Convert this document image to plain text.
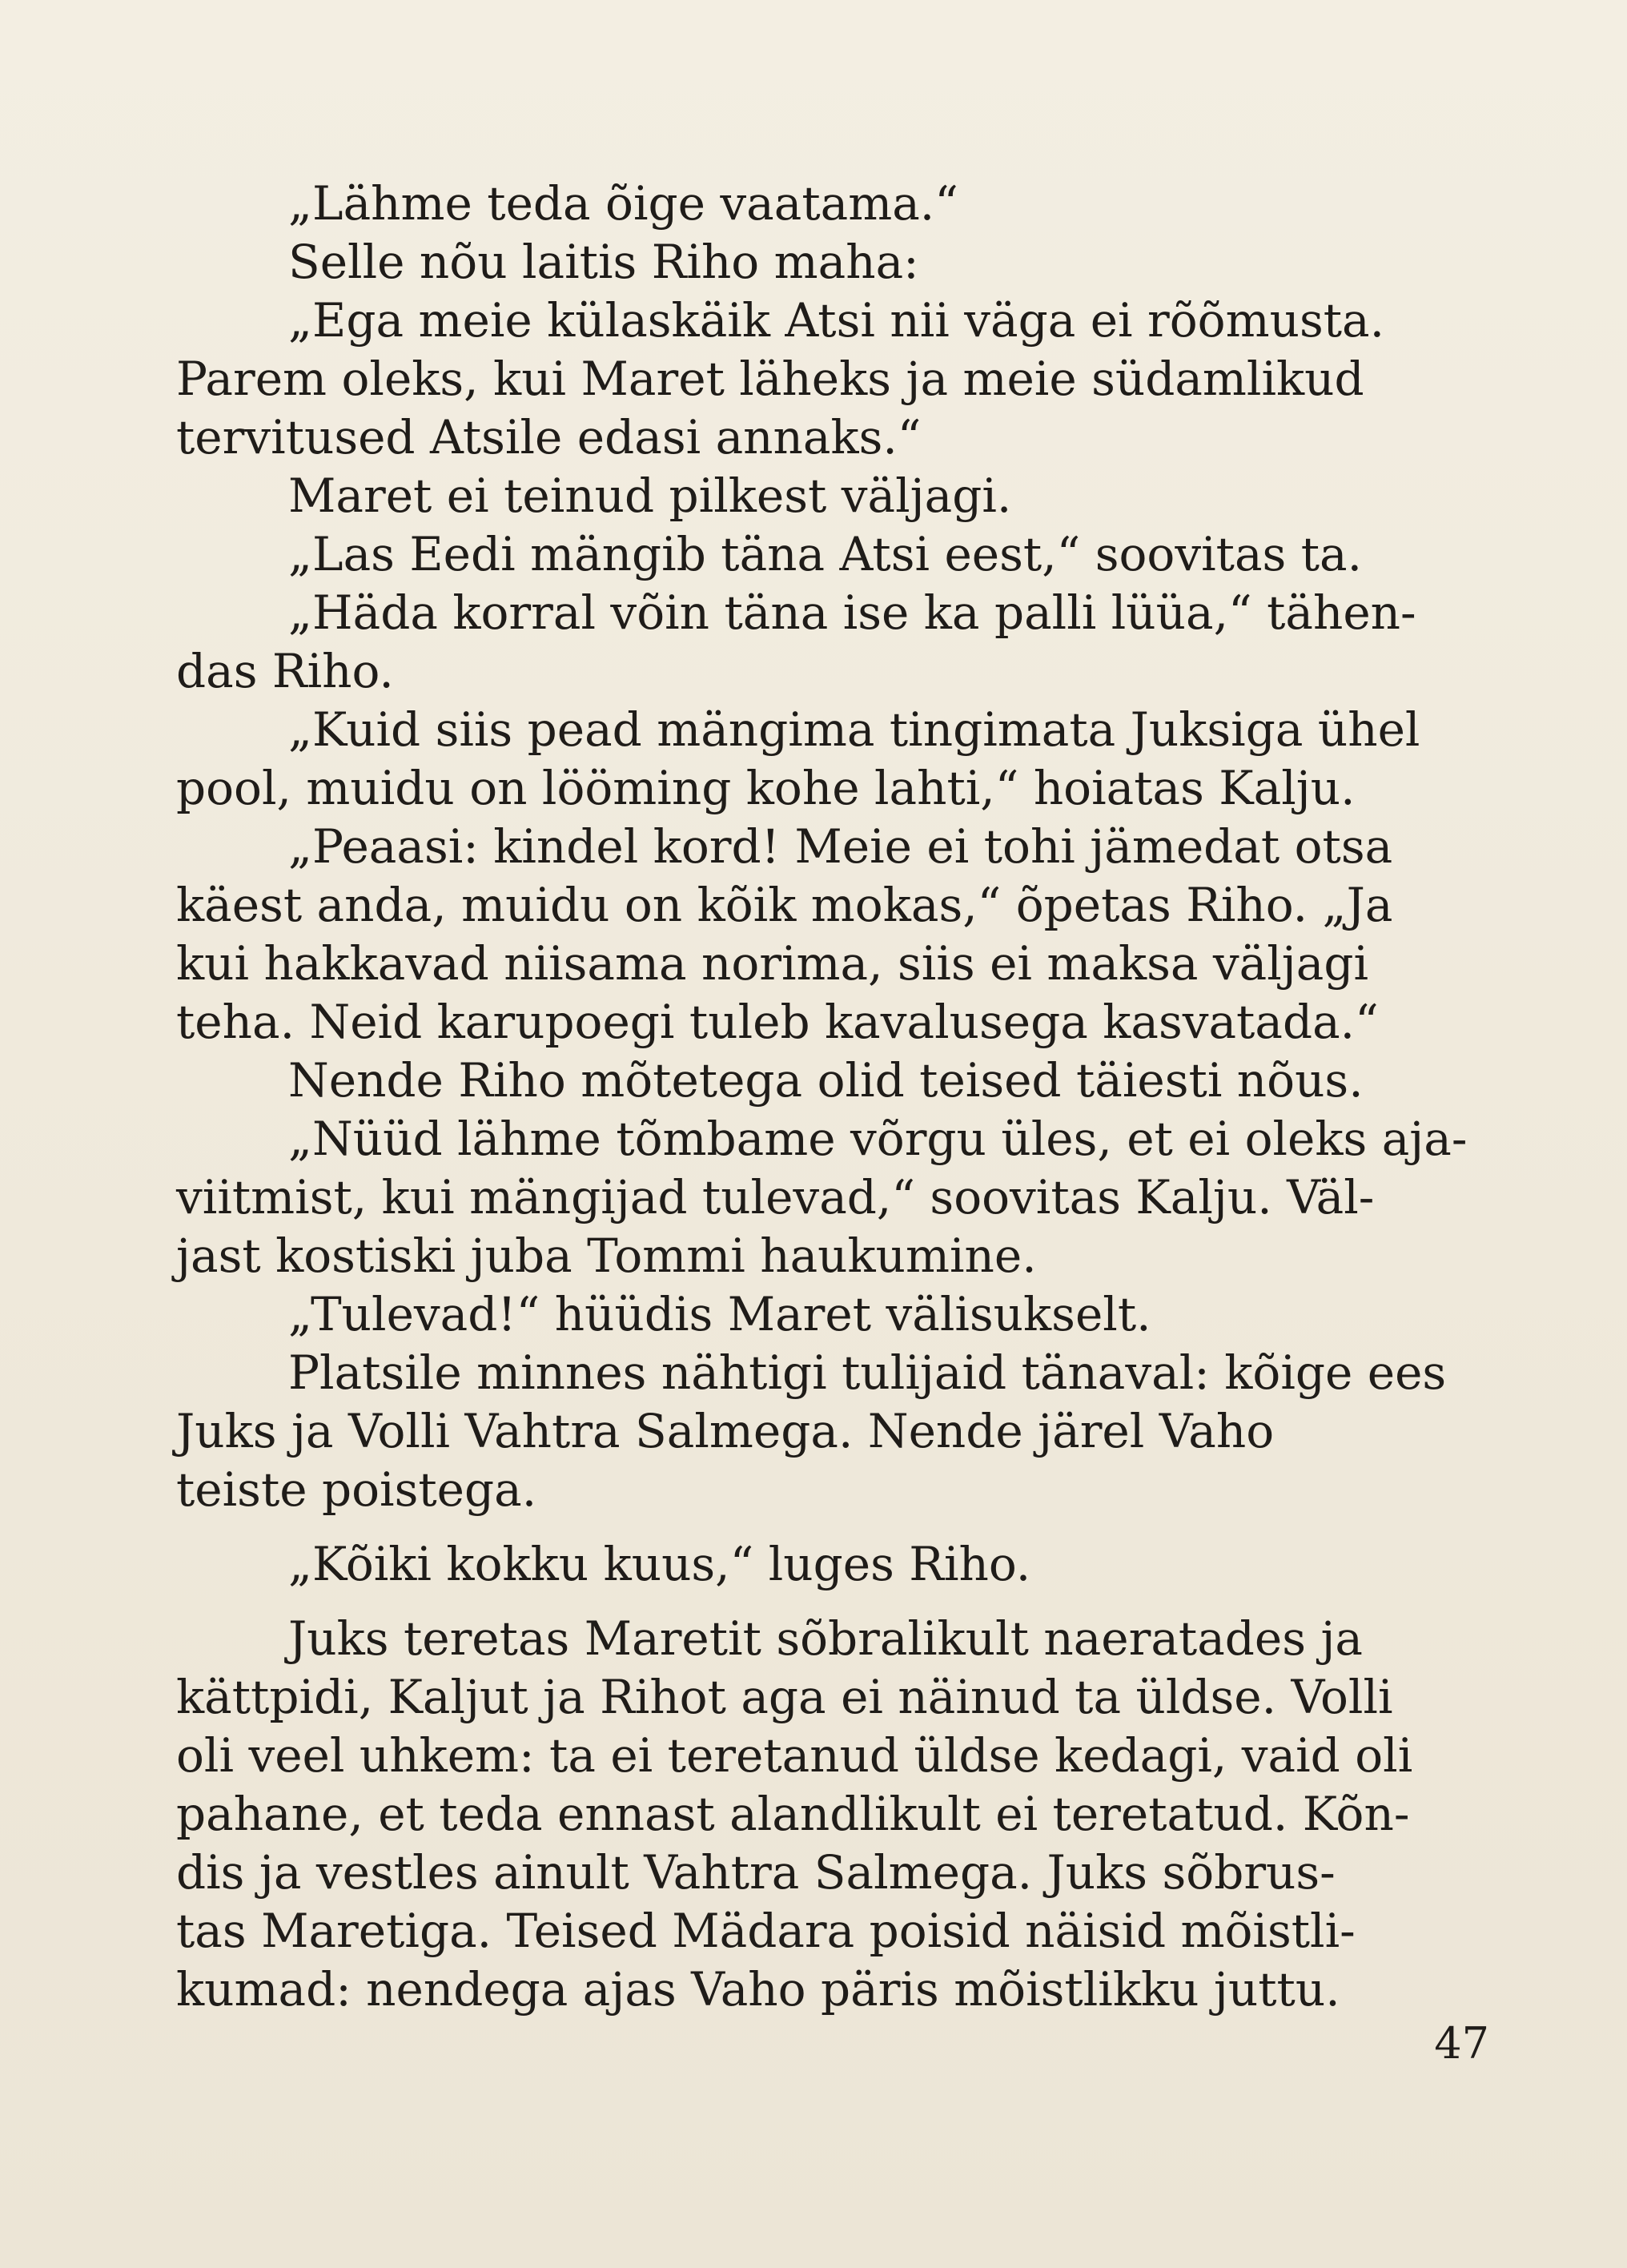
„Lähme teda õige vaatama.“
Selle nõu laitis Riho maha:
„Ega meie külaskäik Atsi nii väga ei rõõmusta.
Parem oleks, kui Maret läheks ja meie südamlikud
tervitused Atsile edasi annaks.“
Maret ei teinud pilkest väljagi.
„Las Eedi mängib täna Atsi eest,“ soovitas ta.
„Häda korral võin täna ise ka palli lüüa,“ tähen-
das Riho.
„Kuid siis pead mängima tingimata Juksiga ühel
pool, muidu on lööming kohe lahti,“ hoiatas Kalju.
„Peaasi: kindel kord! Meie ei tohi jämedat otsa
käest anda, muidu on kõik mokas,“ õpetas Riho. „Ja
kui hakkavad niisama norima, siis ei maksa väljagi
teha. Neid karupoegi tuleb kavalusega kasvatada.“
Nende Riho mõtetega olid teised täiesti nõus.
„Nüüd lähme tõmbame võrgu üles, et ei oleks aja-
viitmist, kui mängijad tulevad,“ soovitas Kalju. Väl-
jast kostiski juba Tommi haukumine.
„Tulevad!“ hüüdis Maret välisukselt.
Platsile minnes nähtigi tulijaid tänaval: kõige ees
Juks ja Volli Vahtra Salmega. Nende järel Vaho
teiste poistega.
„Kõiki kokku kuus,“ luges Riho.
Juks teretas Maretit sõbralikult naeratades ja
kättpidi, Kaljut ja Rihot aga ei näinud ta üldse. Volli
oli veel uhkem: ta ei teretanud üldse kedagi, vaid oli
pahane, et teda ennast alandlikult ei teretatud. Kõn-
dis ja vestles ainult Vahtra Salmega. Juks sõbrus-
tas Maretiga. Teised Mädara poisid näisid mõistli-
kumad: nendega ajas Vaho päris mõistlikku juttu.
47
